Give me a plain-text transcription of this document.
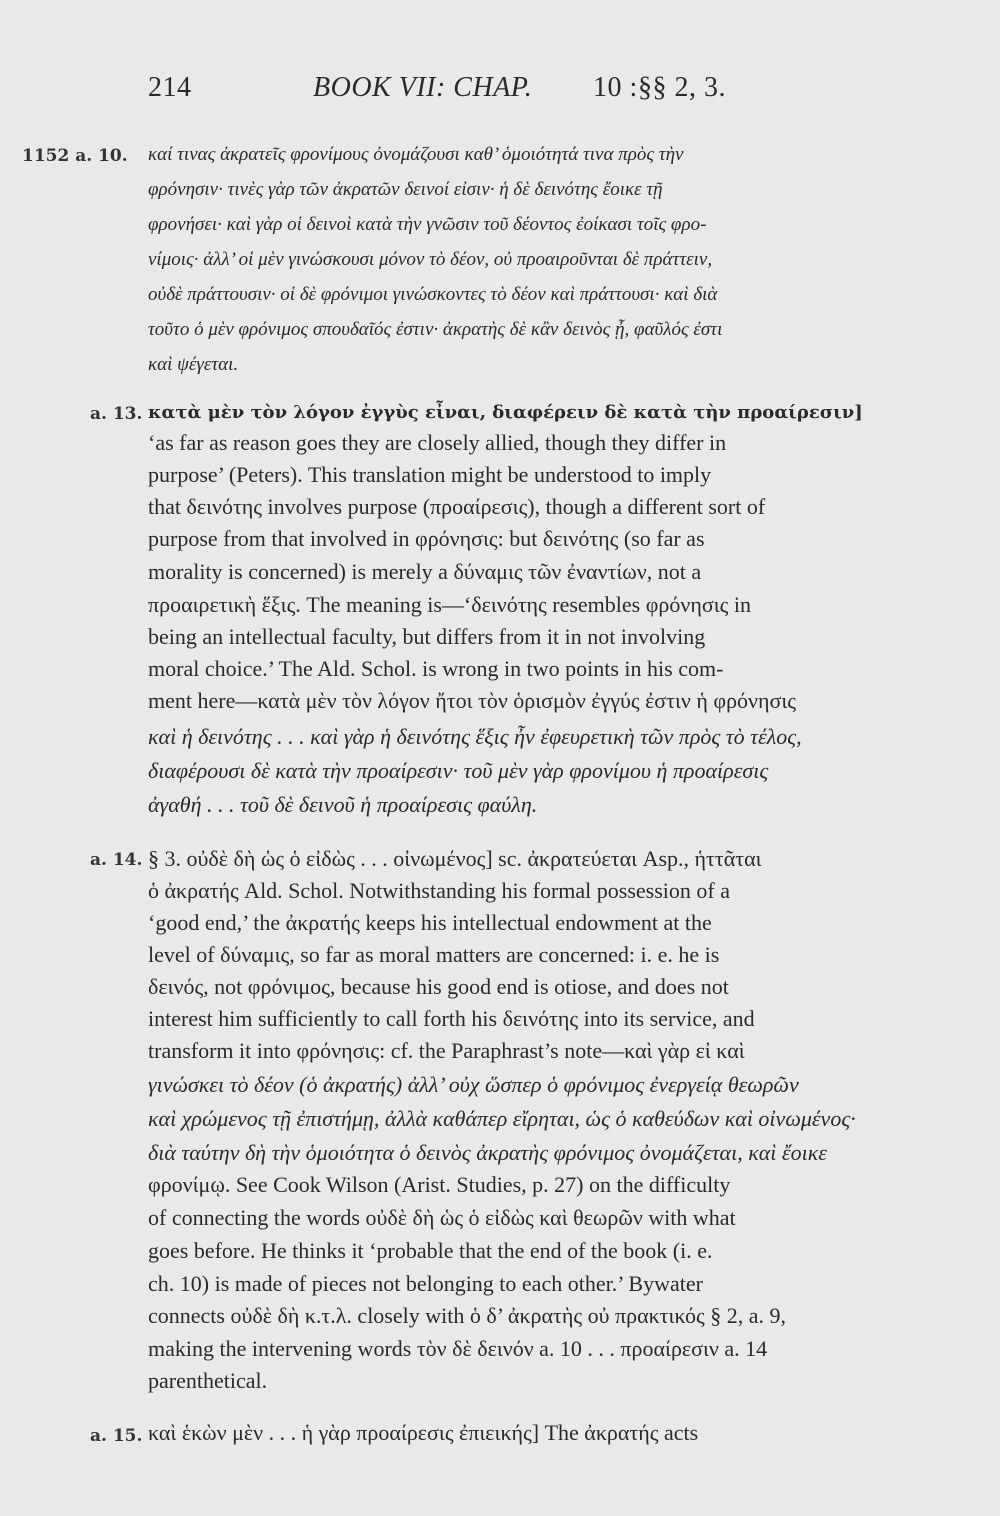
214	BOOK VII: CHAP. 10 : §§ 2, 3.
1152 a. 10. καί τινας ἀκρατεῖς φρονίμους ὀνομάζουσι καθ’ ὁμοιότητά τινα πρὸς τὴν
φρόνησιν· τινὲς γὰρ τῶν ἀκρατῶν δεινοί εἰσιν· ἡ δὲ δεινότης ἔοικε τῇ
φρονήσει· καὶ γὰρ οἱ δεινοὶ κατὰ τὴν γνῶσιν τοῦ δέοντος ἐοίκασι τοῖς φρο-
νίμοις· ἀλλ’ οἱ μὲν γινώσκουσι μόνον τὸ δέον, οὐ προαιροῦνται δὲ πράττειν,
οὐδὲ πράττουσιν· οἱ δὲ φρόνιμοι γινώσκοντες τὸ δέον καὶ πράττουσι· καὶ διὰ
τοῦτο ὁ μὲν φρόνιμος σπουδαῖός ἐστιν· ἀκρατὴς δὲ κἂν δεινὸς ᾖ, φαῦλός ἐστι
καὶ ψέγεται.
a. 13. κατὰ μὲν τὸν λόγον ἐγγὺς εἶναι, διαφέρειν δὲ κατὰ τὴν προαίρεσιν]
‘as far as reason goes they are closely allied, though they differ in
purpose’ (Peters). This translation might be understood to imply
that δεινότης involves purpose (προαίρεσις), though a different sort of
purpose from that involved in φρόνησις: but δεινότης (so far as
morality is concerned) is merely a δύναμις τῶν ἐναντίων, not a
προαιρετικὴ ἕξις. The meaning is—‘δεινότης resembles φρόνησις in
being an intellectual faculty, but differs from it in not involving
moral choice.’ The Ald. Schol. is wrong in two points in his com-
ment here—κατὰ μὲν τὸν λόγον ἤτοι τὸν ὁρισμὸν ἐγγύς ἐστιν ἡ φρόνησις
καὶ ἡ δεινότης . . . καὶ γὰρ ἡ δεινότης ἕξις ἦν ἐφευρετικὴ τῶν πρὸς τὸ τέλος,
διαφέρουσι δὲ κατὰ τὴν προαίρεσιν· τοῦ μὲν γὰρ φρονίμου ἡ προαίρεσις
ἀγαθή . . . τοῦ δὲ δεινοῦ ἡ προαίρεσις φαύλη.
a. 14. § 3. οὐδὲ δὴ ὡς ὁ εἰδὼς . . . οἰνωμένος] sc. ἀκρατεύεται Asp., ἡττᾶται
ὁ ἀκρατής Ald. Schol. Notwithstanding his formal possession of a
‘good end,’ the ἀκρατής keeps his intellectual endowment at the
level of δύναμις, so far as moral matters are concerned: i. e. he is
δεινός, not φρόνιμος, because his good end is otiose, and does not
interest him sufficiently to call forth his δεινότης into its service, and
transform it into φρόνησις: cf. the Paraphrast’s note—καὶ γὰρ εἰ καὶ
γινώσκει τὸ δέον (ὁ ἀκρατής) ἀλλ’ οὐχ ὥσπερ ὁ φρόνιμος ἐνεργείᾳ θεωρῶν
καὶ χρώμενος τῇ ἐπιστήμῃ, ἀλλὰ καθάπερ εἴρηται, ὡς ὁ καθεύδων καὶ οἰνωμένος·
διὰ ταύτην δὴ τὴν ὁμοιότητα ὁ δεινὸς ἀκρατὴς φρόνιμος ὀνομάζεται, καὶ ἔοικε
φρονίμῳ. See Cook Wilson (Arist. Studies, p. 27) on the difficulty
of connecting the words οὐδὲ δὴ ὡς ὁ εἰδὼς καὶ θεωρῶν with what
goes before. He thinks it ‘probable that the end of the book (i. e.
ch. 10) is made of pieces not belonging to each other.’ Bywater
connects οὐδὲ δὴ κ.τ.λ. closely with ὁ δ’ ἀκρατὴς οὐ πρακτικός § 2, a. 9,
making the intervening words τὸν δὲ δεινόν a. 10 . . . προαίρεσιν a. 14
parenthetical.
a. 15. καὶ ἑκὼν μὲν . . . ἡ γὰρ προαίρεσις ἐπιεικής] The ἀκρατής acts
